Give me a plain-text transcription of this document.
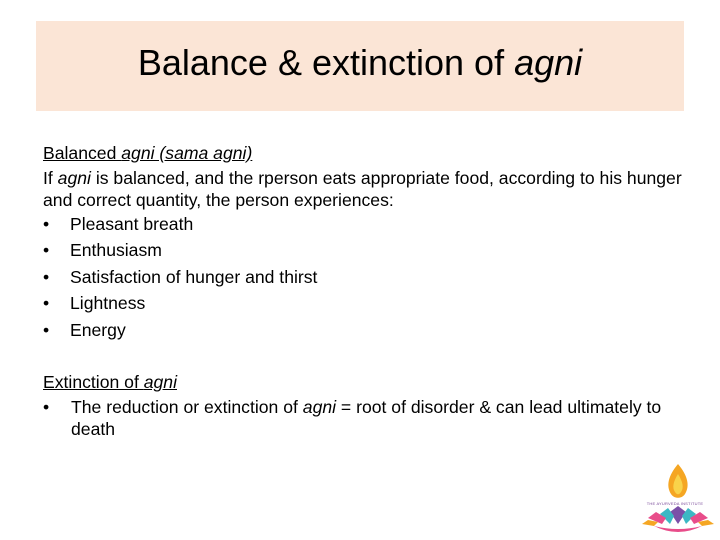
Balance & extinction of agni
Balanced agni (sama agni)
If agni is balanced, and the rperson eats appropriate food, according to his hunger and correct quantity, the person experiences:
• Pleasant breath
• Enthusiasm
• Satisfaction of hunger and thirst
• Lightness
• Energy
Extinction of agni
• The reduction or extinction of agni = root of disorder & can lead ultimately to death
THE AYURVEDA INSTITUTE
